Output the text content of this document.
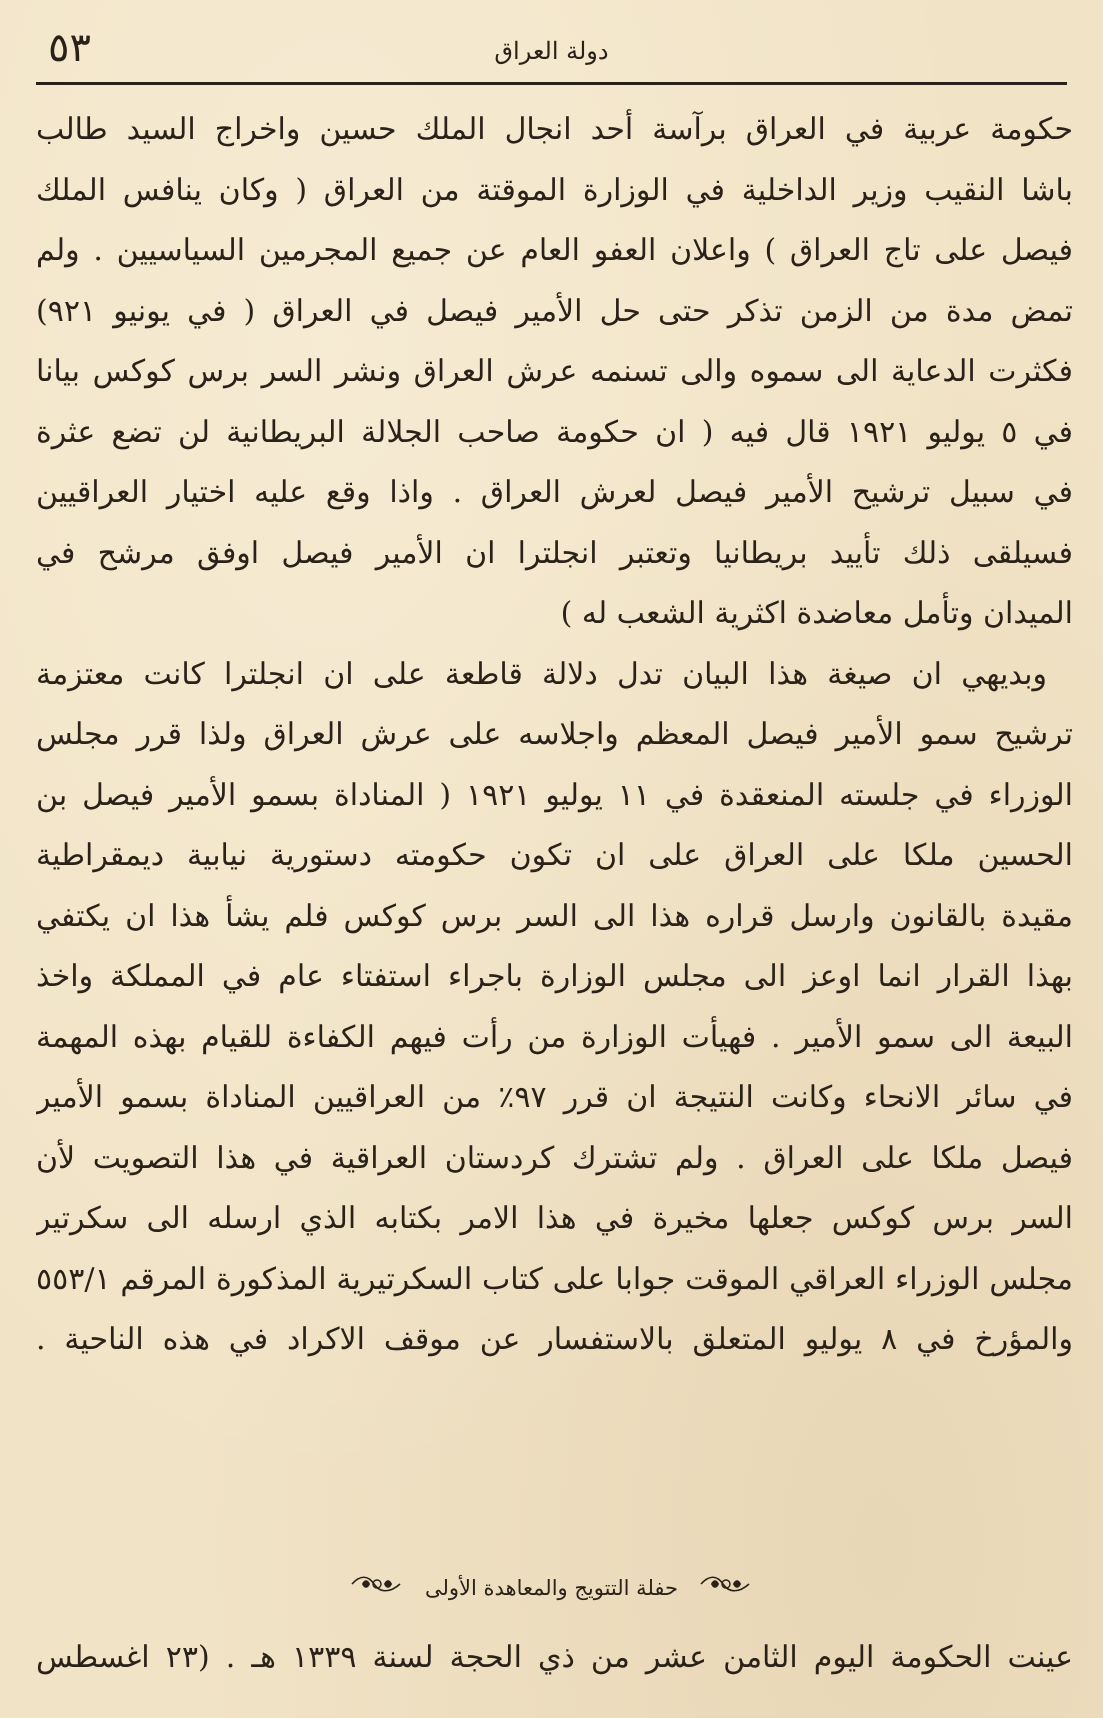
٥٣	دولة العراق
حكومة عربية في العراق برآسة أحد انجال الملك حسين واخراج السيد طالب
باشا النقيب وزير الداخلية في الوزارة الموقتة من العراق ( وكان ينافس الملك
فيصل على تاج العراق ) واعلان العفو العام عن جميع المجرمين السياسيين . ولم
تمض مدة من الزمن تذكر حتى حل الأمير فيصل في العراق ( في يونيو ٩٢١)
فكثرت الدعاية الى سموه والى تسنمه عرش العراق ونشر السر برس كوكس بيانا
في ٥ يوليو ١٩٢١ قال فيه ( ان حكومة صاحب الجلالة البريطانية لن تضع عثرة
في سبيل ترشيح الأمير فيصل لعرش العراق . واذا وقع عليه اختيار العراقيين
فسيلقى ذلك تأييد بريطانيا وتعتبر انجلترا ان الأمير فيصل اوفق مرشح في
الميدان وتأمل معاضدة اكثرية الشعب له )
وبديهي ان صيغة هذا البيان تدل دلالة قاطعة على ان انجلترا كانت معتزمة
ترشيح سمو الأمير فيصل المعظم واجلاسه على عرش العراق ولذا قرر مجلس
الوزراء في جلسته المنعقدة في ١١ يوليو ١٩٢١ ( المناداة بسمو الأمير فيصل بن
الحسين ملكا على العراق على ان تكون حكومته دستورية نيابية ديمقراطية
مقيدة بالقانون وارسل قراره هذا الى السر برس كوكس فلم يشأ هذا ان يكتفي
بهذا القرار انما اوعز الى مجلس الوزارة باجراء استفتاء عام في المملكة واخذ
البيعة الى سمو الأمير . فهيأت الوزارة من رأت فيهم الكفاءة للقيام بهذه المهمة
في سائر الانحاء وكانت النتيجة ان قرر ٩٧٪ من العراقيين المناداة بسمو الأمير
فيصل ملكا على العراق . ولم تشترك كردستان العراقية في هذا التصويت لأن
السر برس كوكس جعلها مخيرة في هذا الامر بكتابه الذي ارسله الى سكرتير
مجلس الوزراء العراقي الموقت جوابا على كتاب السكرتيرية المذكورة المرقم ٥٥٣/١
والمؤرخ في ٨ يوليو المتعلق بالاستفسار عن موقف الاكراد في هذه الناحية .
حفلة التتويج والمعاهدة الأولى
عينت الحكومة اليوم الثامن عشر من ذي الحجة لسنة ١٣٣٩ هـ . (٢٣ اغسطس
